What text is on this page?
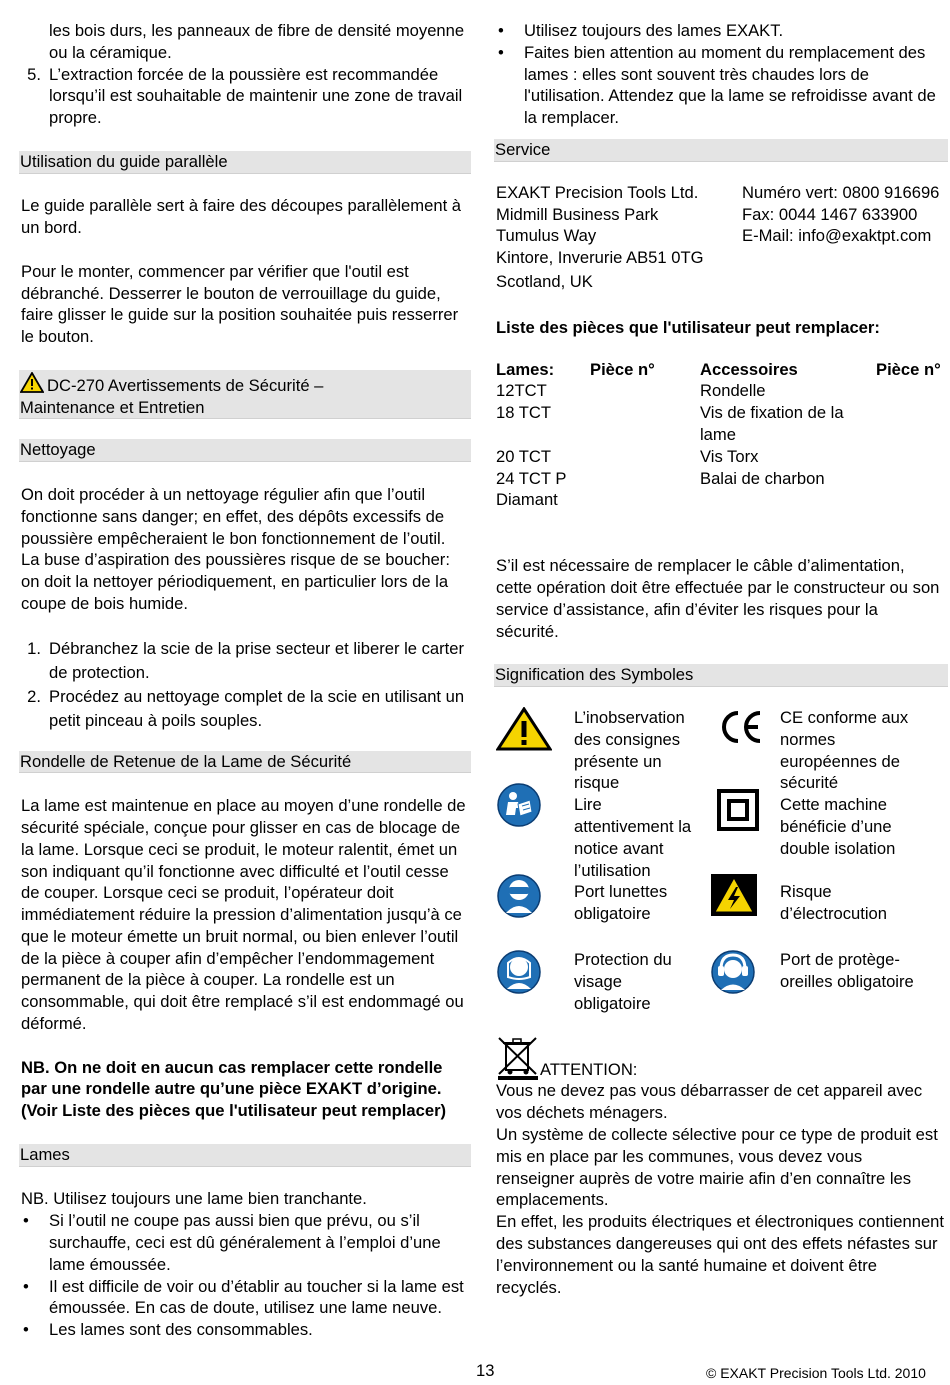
les bois durs, les panneaux de fibre de densité moyenne

ou la céramique.

5. L’extraction forcée de la poussière est recommandée

lorsqu’il est souhaitable de maintenir une zone de travail

propre.

Utilisation du guide parallèle

Le guide parallèle sert à faire des découpes parallèlement à

un bord.

Pour le monter, commencer par vérifier que l'outil est

débranché. Desserrer le bouton de verrouillage du guide,

faire glisser le guide sur la position souhaitée puis resserrer

le bouton.

DC-270 Avertissements de Sécurité –
Maintenance et Entretien
Nettoyage

On doit procéder à un nettoyage régulier afin que l’outil

fonctionne sans danger; en effet, des dépôts excessifs de

poussière empêcheraient le bon fonctionnement de l’outil.

La buse d’aspiration des poussières risque de se boucher:

on doit la nettoyer périodiquement, en particulier lors de la

coupe de bois humide.

1. Débranchez la scie de la prise secteur et liberer le carter

de protection.

2. Procédez au nettoyage complet de la scie en utilisant un

petit pinceau à poils souples.

Rondelle de Retenue de la Lame de Sécurité

La lame est maintenue en place au moyen d’une rondelle de

sécurité spéciale, conçue pour glisser en cas de blocage de

la lame. Lorsque ceci se produit, le moteur ralentit, émet un

son indiquant qu’il fonctionne avec difficulté et l’outil cesse

de couper. Lorsque ceci se produit, l’opérateur doit

immédiatement réduire la pression d’alimentation jusqu’à ce

que le moteur émette un bruit normal, ou bien enlever l’outil

de la pièce à couper afin d’empêcher l’endommagement

permanent de la pièce à couper. La rondelle est un

consommable, qui doit être remplacé s’il est endommagé ou

déformé.

NB. On ne doit en aucun cas remplacer cette rondelle

par une rondelle autre qu’une pièce EXAKT d’origine.

(Voir Liste des pièces que l'utilisateur peut remplacer)

Lames

NB. Utilisez toujours une lame bien tranchante.

•	Si l’outil ne coupe pas aussi bien que prévu, ou s’il

surchauffe, ceci est dû généralement à l’emploi d’une

lame émoussée.

•	Il est difficile de voir ou d’établir au toucher si la lame est

émoussée. En cas de doute, utilisez une lame neuve.

•	Les lames sont des consommables.

•	Utilisez toujours des lames EXAKT.

•	Faites bien attention au moment du remplacement des

lames : elles sont souvent très chaudes lors de

l'utilisation. Attendez que la lame se refroidisse avant de

la remplacer.

Service

EXAKT Precision Tools Ltd.

Midmill Business Park

Tumulus Way

Kintore, Inverurie AB51 0TG

Scotland, UK

Numéro vert: 0800 916696

Fax: 0044 1467 633900

E-Mail: info@exaktpt.com

Liste des pièces que l'utilisateur peut remplacer:

Lames:	Pièce n°	Accessoires	Pièce n°
12TCT		Rondelle	
18 TCT		Vis de fixation de la lame	
20 TCT		Vis Torx	
24 TCT P		Balai de charbon	
Diamant			

S’il est nécessaire de remplacer le câble d’alimentation,

cette opération doit être effectuée par le constructeur ou son

service d’assistance, afin d’éviter les risques pour la

sécurité.

Signification des Symboles

L’inobservation

des consignes

présente un

risque

CE conforme aux

normes

européennes de

sécurité

Lire

attentivement la

notice avant

l’utilisation

Cette machine

bénéficie d’une

double isolation

Port lunettes

obligatoire

Risque

d’électrocution

Protection du

visage

obligatoire

Port de protège-

oreilles obligatoire

ATTENTION:

Vous ne devez pas vous débarrasser de cet appareil avec

vos déchets ménagers.

Un système de collecte sélective pour ce type de produit est

mis en place par les communes, vous devez vous

renseigner auprès de votre mairie afin d’en connaître les

emplacements.

En effet, les produits électriques et électroniques contiennent

des substances dangereuses qui ont des effets néfastes sur

l’environnement ou la santé humaine et doivent être

recyclés.

13	© EXAKT Precision Tools Ltd. 2010
